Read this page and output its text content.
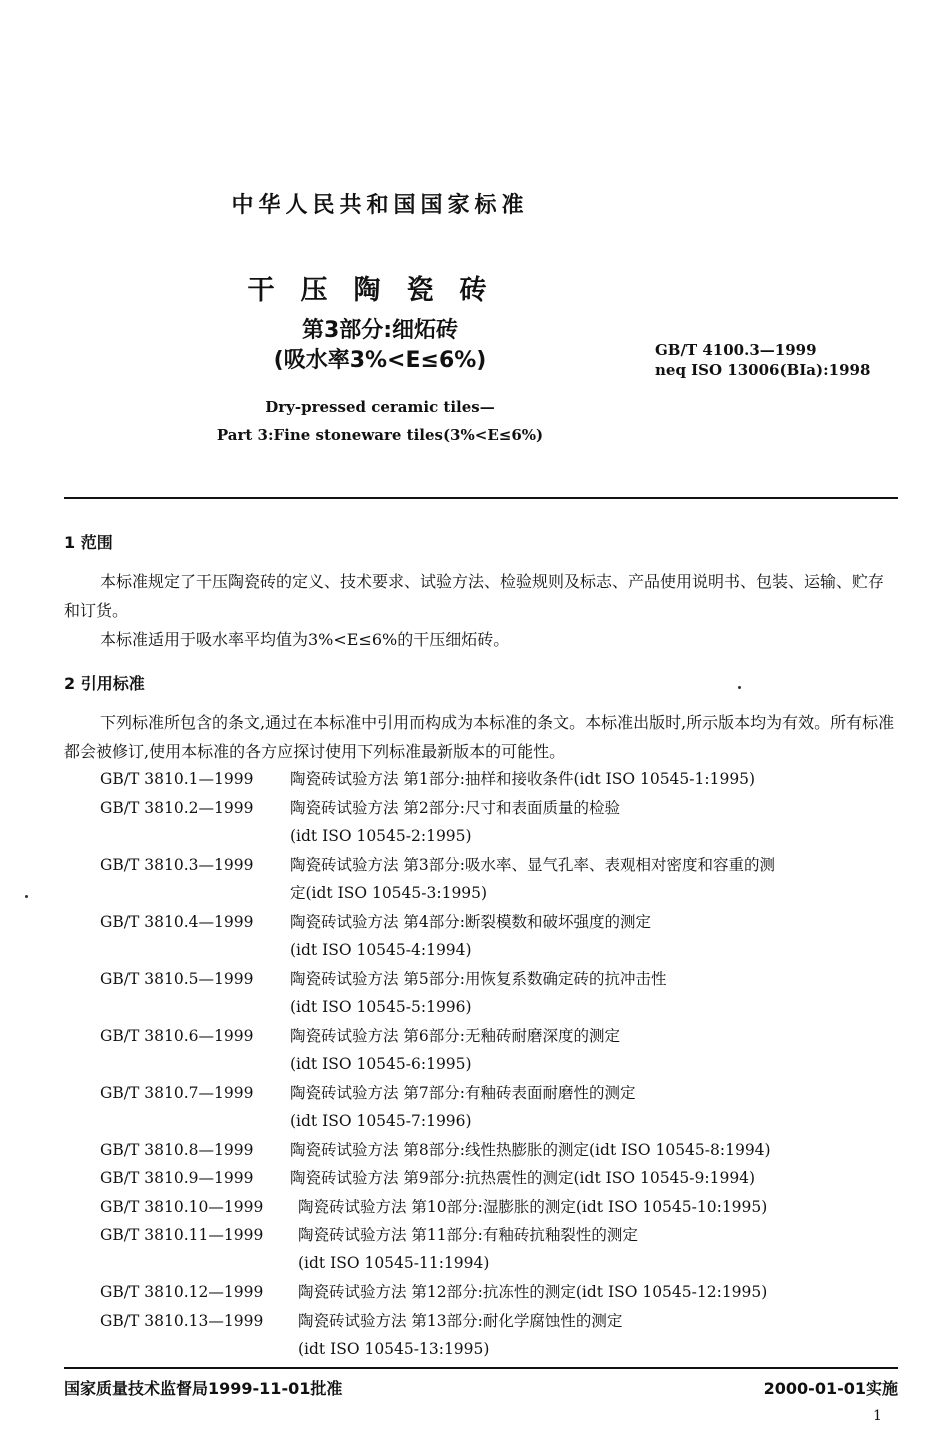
中华人民共和国国家标准
干压陶瓷砖
第3部分:细炻砖
(吸水率3%<E≤6%)	GB/T 4100.3—1999
neq ISO 13006(BⅠa):1998
Dry-pressed ceramic tiles—
Part 3:Fine stoneware tiles(3%<E≤6%)
1 范围
本标准规定了干压陶瓷砖的定义、技术要求、试验方法、检验规则及标志、产品使用说明书、包装、运输、贮存和订货。
本标准适用于吸水率平均值为3%<E≤6%的干压细炻砖。
2 引用标准
下列标准所包含的条文,通过在本标准中引用而构成为本标准的条文。本标准出版时,所示版本均为有效。所有标准都会被修订,使用本标准的各方应探讨使用下列标准最新版本的可能性。
GB/T 3810.1—1999 陶瓷砖试验方法 第1部分:抽样和接收条件(idt ISO 10545-1:1995)
GB/T 3810.2—1999 陶瓷砖试验方法 第2部分:尺寸和表面质量的检验
(idt ISO 10545-2:1995)
GB/T 3810.3—1999 陶瓷砖试验方法 第3部分:吸水率、显气孔率、表观相对密度和容重的测
定(idt ISO 10545-3:1995)
GB/T 3810.4—1999 陶瓷砖试验方法 第4部分:断裂模数和破坏强度的测定
(idt ISO 10545-4:1994)
GB/T 3810.5—1999 陶瓷砖试验方法 第5部分:用恢复系数确定砖的抗冲击性
(idt ISO 10545-5:1996)
GB/T 3810.6—1999 陶瓷砖试验方法 第6部分:无釉砖耐磨深度的测定
(idt ISO 10545-6:1995)
GB/T 3810.7—1999 陶瓷砖试验方法 第7部分:有釉砖表面耐磨性的测定
(idt ISO 10545-7:1996)
GB/T 3810.8—1999 陶瓷砖试验方法 第8部分:线性热膨胀的测定(idt ISO 10545-8:1994)
GB/T 3810.9—1999 陶瓷砖试验方法 第9部分:抗热震性的测定(idt ISO 10545-9:1994)
GB/T 3810.10—1999 陶瓷砖试验方法 第10部分:湿膨胀的测定(idt ISO 10545-10:1995)
GB/T 3810.11—1999 陶瓷砖试验方法 第11部分:有釉砖抗釉裂性的测定
(idt ISO 10545-11:1994)
GB/T 3810.12—1999 陶瓷砖试验方法 第12部分:抗冻性的测定(idt ISO 10545-12:1995)
GB/T 3810.13—1999 陶瓷砖试验方法 第13部分:耐化学腐蚀性的测定
(idt ISO 10545-13:1995)
国家质量技术监督局1999-11-01批准	2000-01-01实施
1
